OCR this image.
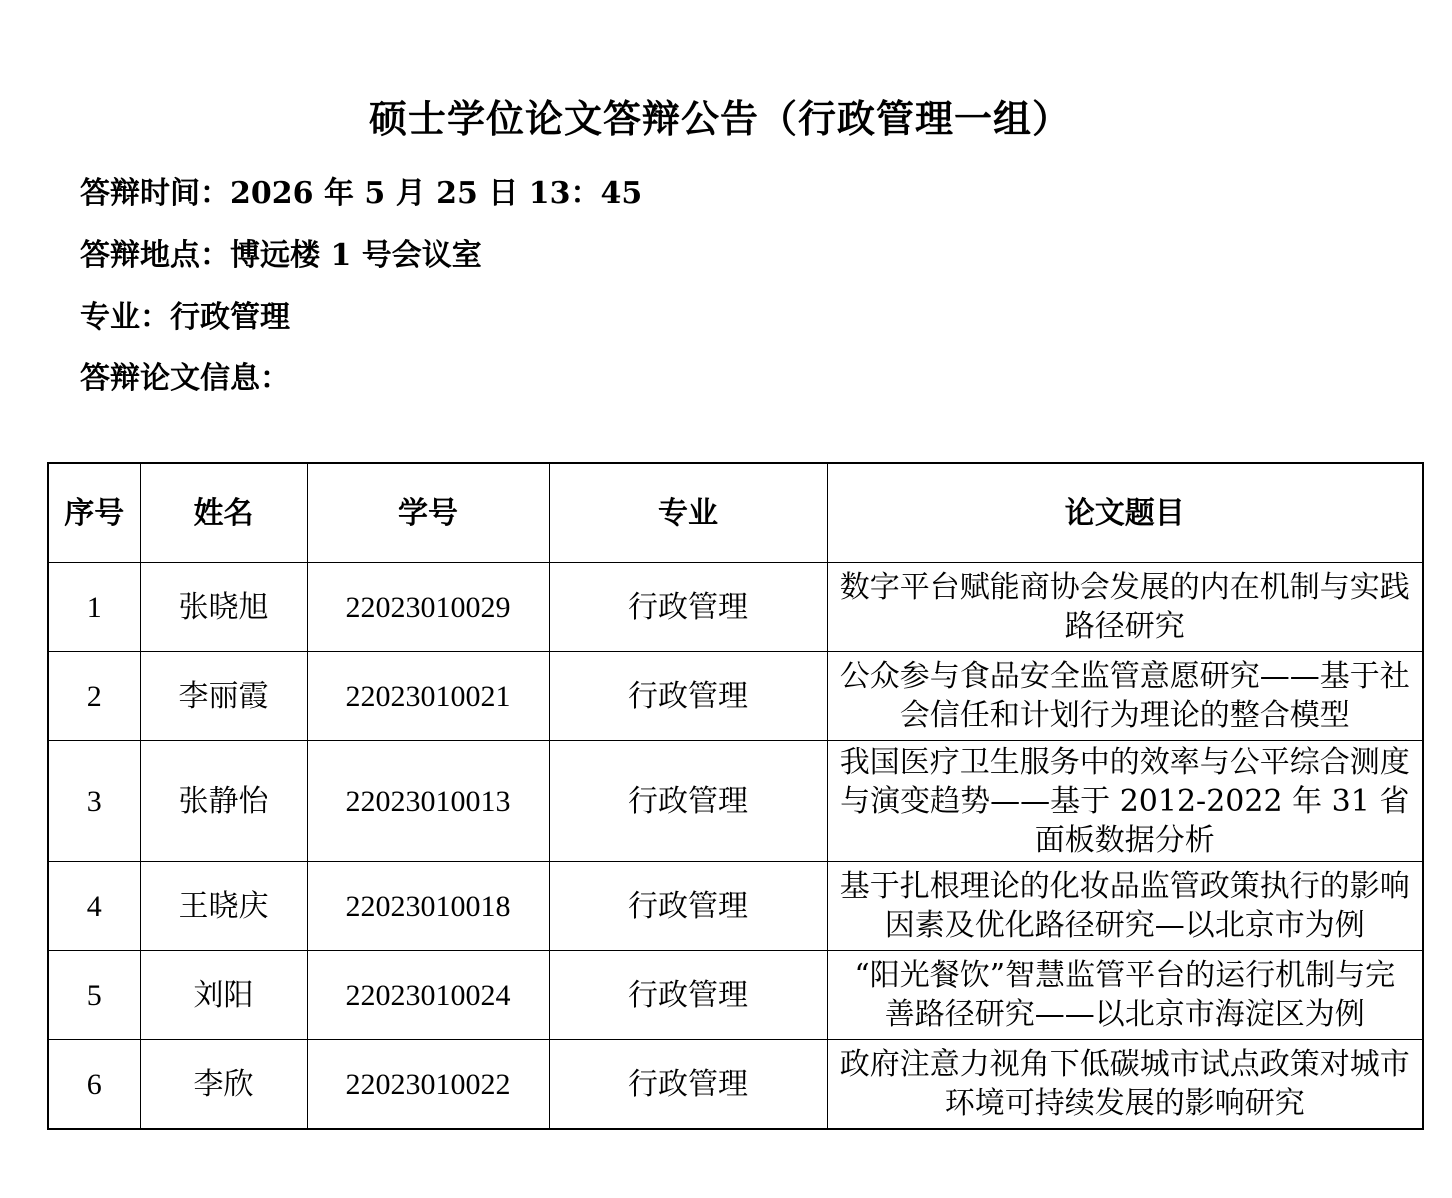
硕士学位论文答辩公告（行政管理一组）
答辩时间：2026 年 5 月 25 日 13：45
答辩地点：博远楼 1 号会议室
专业：行政管理
答辩论文信息：
序号	姓名	学号	专业	论文题目
1	张晓旭	22023010029	行政管理	数字平台赋能商协会发展的内在机制与实践路径研究
2	李丽霞	22023010021	行政管理	公众参与食品安全监管意愿研究——基于社会信任和计划行为理论的整合模型
3	张静怡	22023010013	行政管理	我国医疗卫生服务中的效率与公平综合测度与演变趋势——基于 2012-2022 年 31 省面板数据分析
4	王晓庆	22023010018	行政管理	基于扎根理论的化妆品监管政策执行的影响因素及优化路径研究—以北京市为例
5	刘阳	22023010024	行政管理	“阳光餐饮”智慧监管平台的运行机制与完善路径研究——以北京市海淀区为例
6	李欣	22023010022	行政管理	政府注意力视角下低碳城市试点政策对城市环境可持续发展的影响研究
